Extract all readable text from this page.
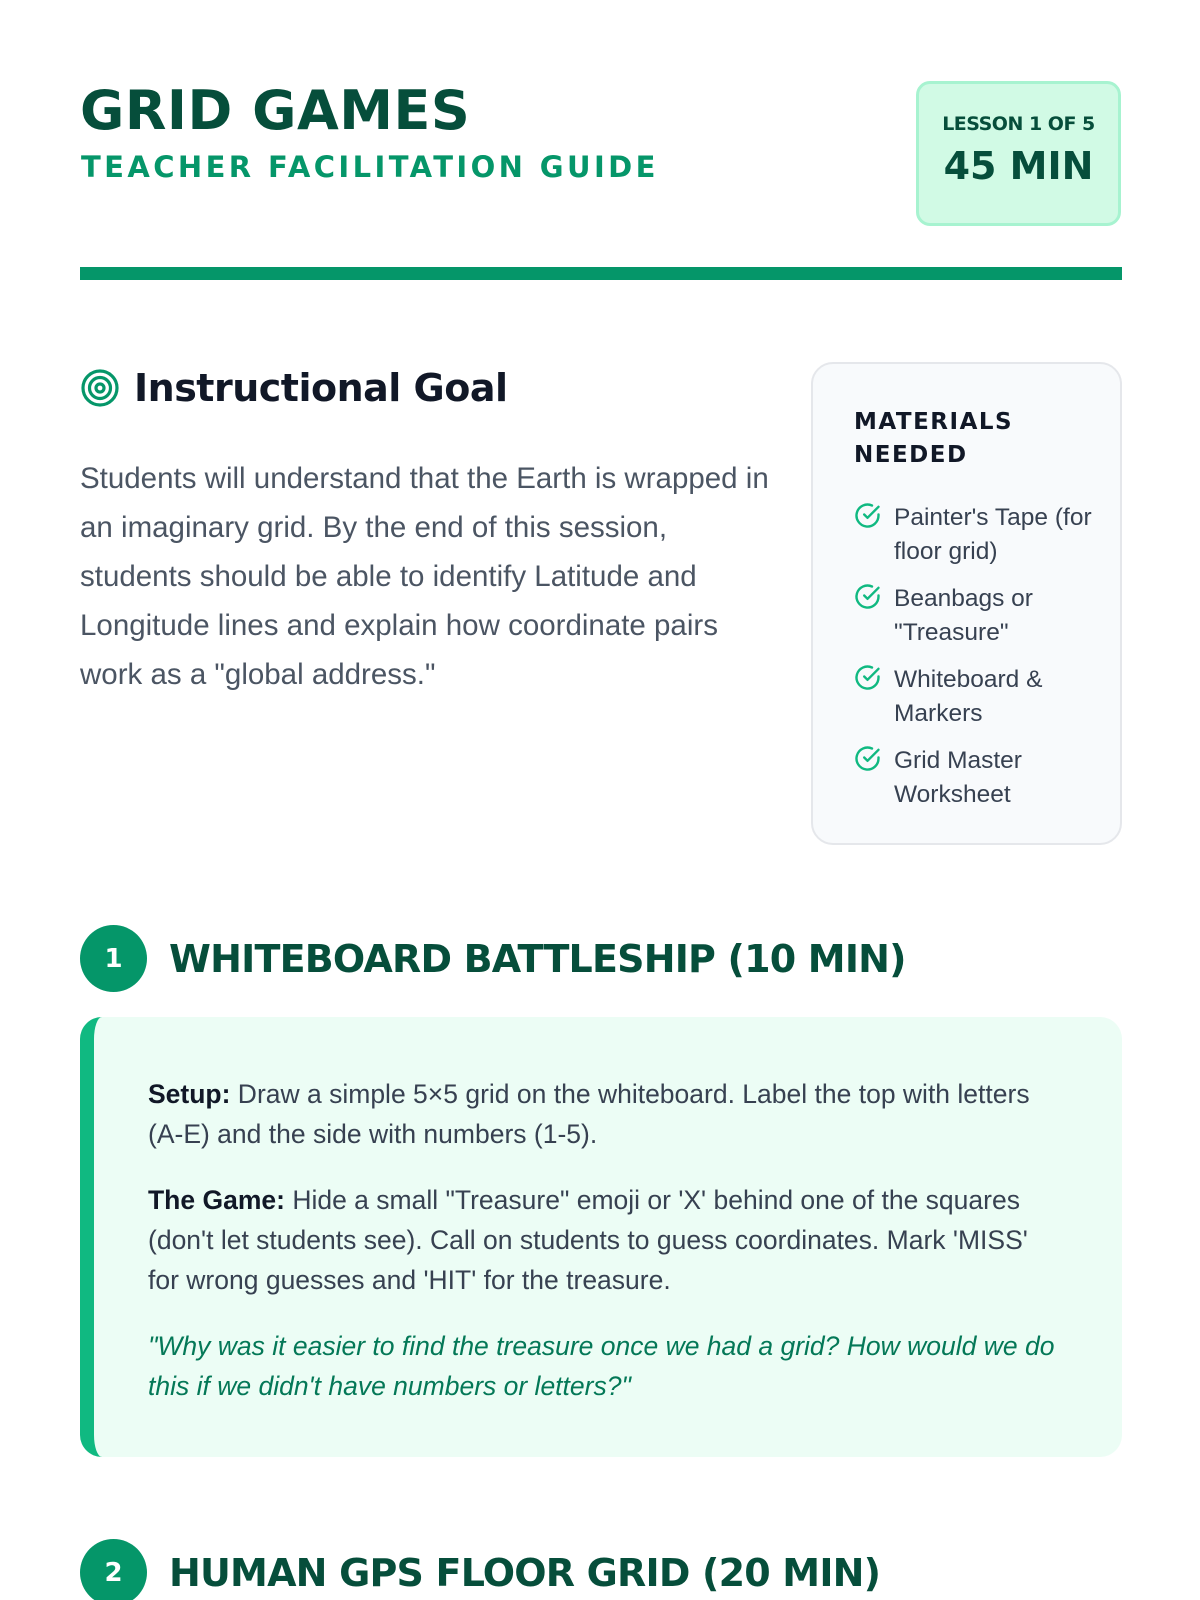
GRID GAMES
TEACHER FACILITATION GUIDE
LESSON 1 OF 5
45 MIN
Instructional Goal

Students will understand that the Earth is wrapped in an imaginary grid. By the end of this session, students should be able to identify Latitude and Longitude lines and explain how coordinate pairs work as a "global address."

MATERIALS NEEDED
Painter's Tape (for floor grid)
Beanbags or "Treasure"
Whiteboard & Markers
Grid Master Worksheet
1	WHITEBOARD BATTLESHIP (10 MIN)

Setup: Draw a simple 5×5 grid on the whiteboard. Label the top with letters (A-E) and the side with numbers (1-5).

The Game: Hide a small "Treasure" emoji or 'X' behind one of the squares (don't let students see). Call on students to guess coordinates. Mark 'MISS' for wrong guesses and 'HIT' for the treasure.

"Why was it easier to find the treasure once we had a grid? How would we do this if we didn't have numbers or letters?"

2	HUMAN GPS FLOOR GRID (20 MIN)
